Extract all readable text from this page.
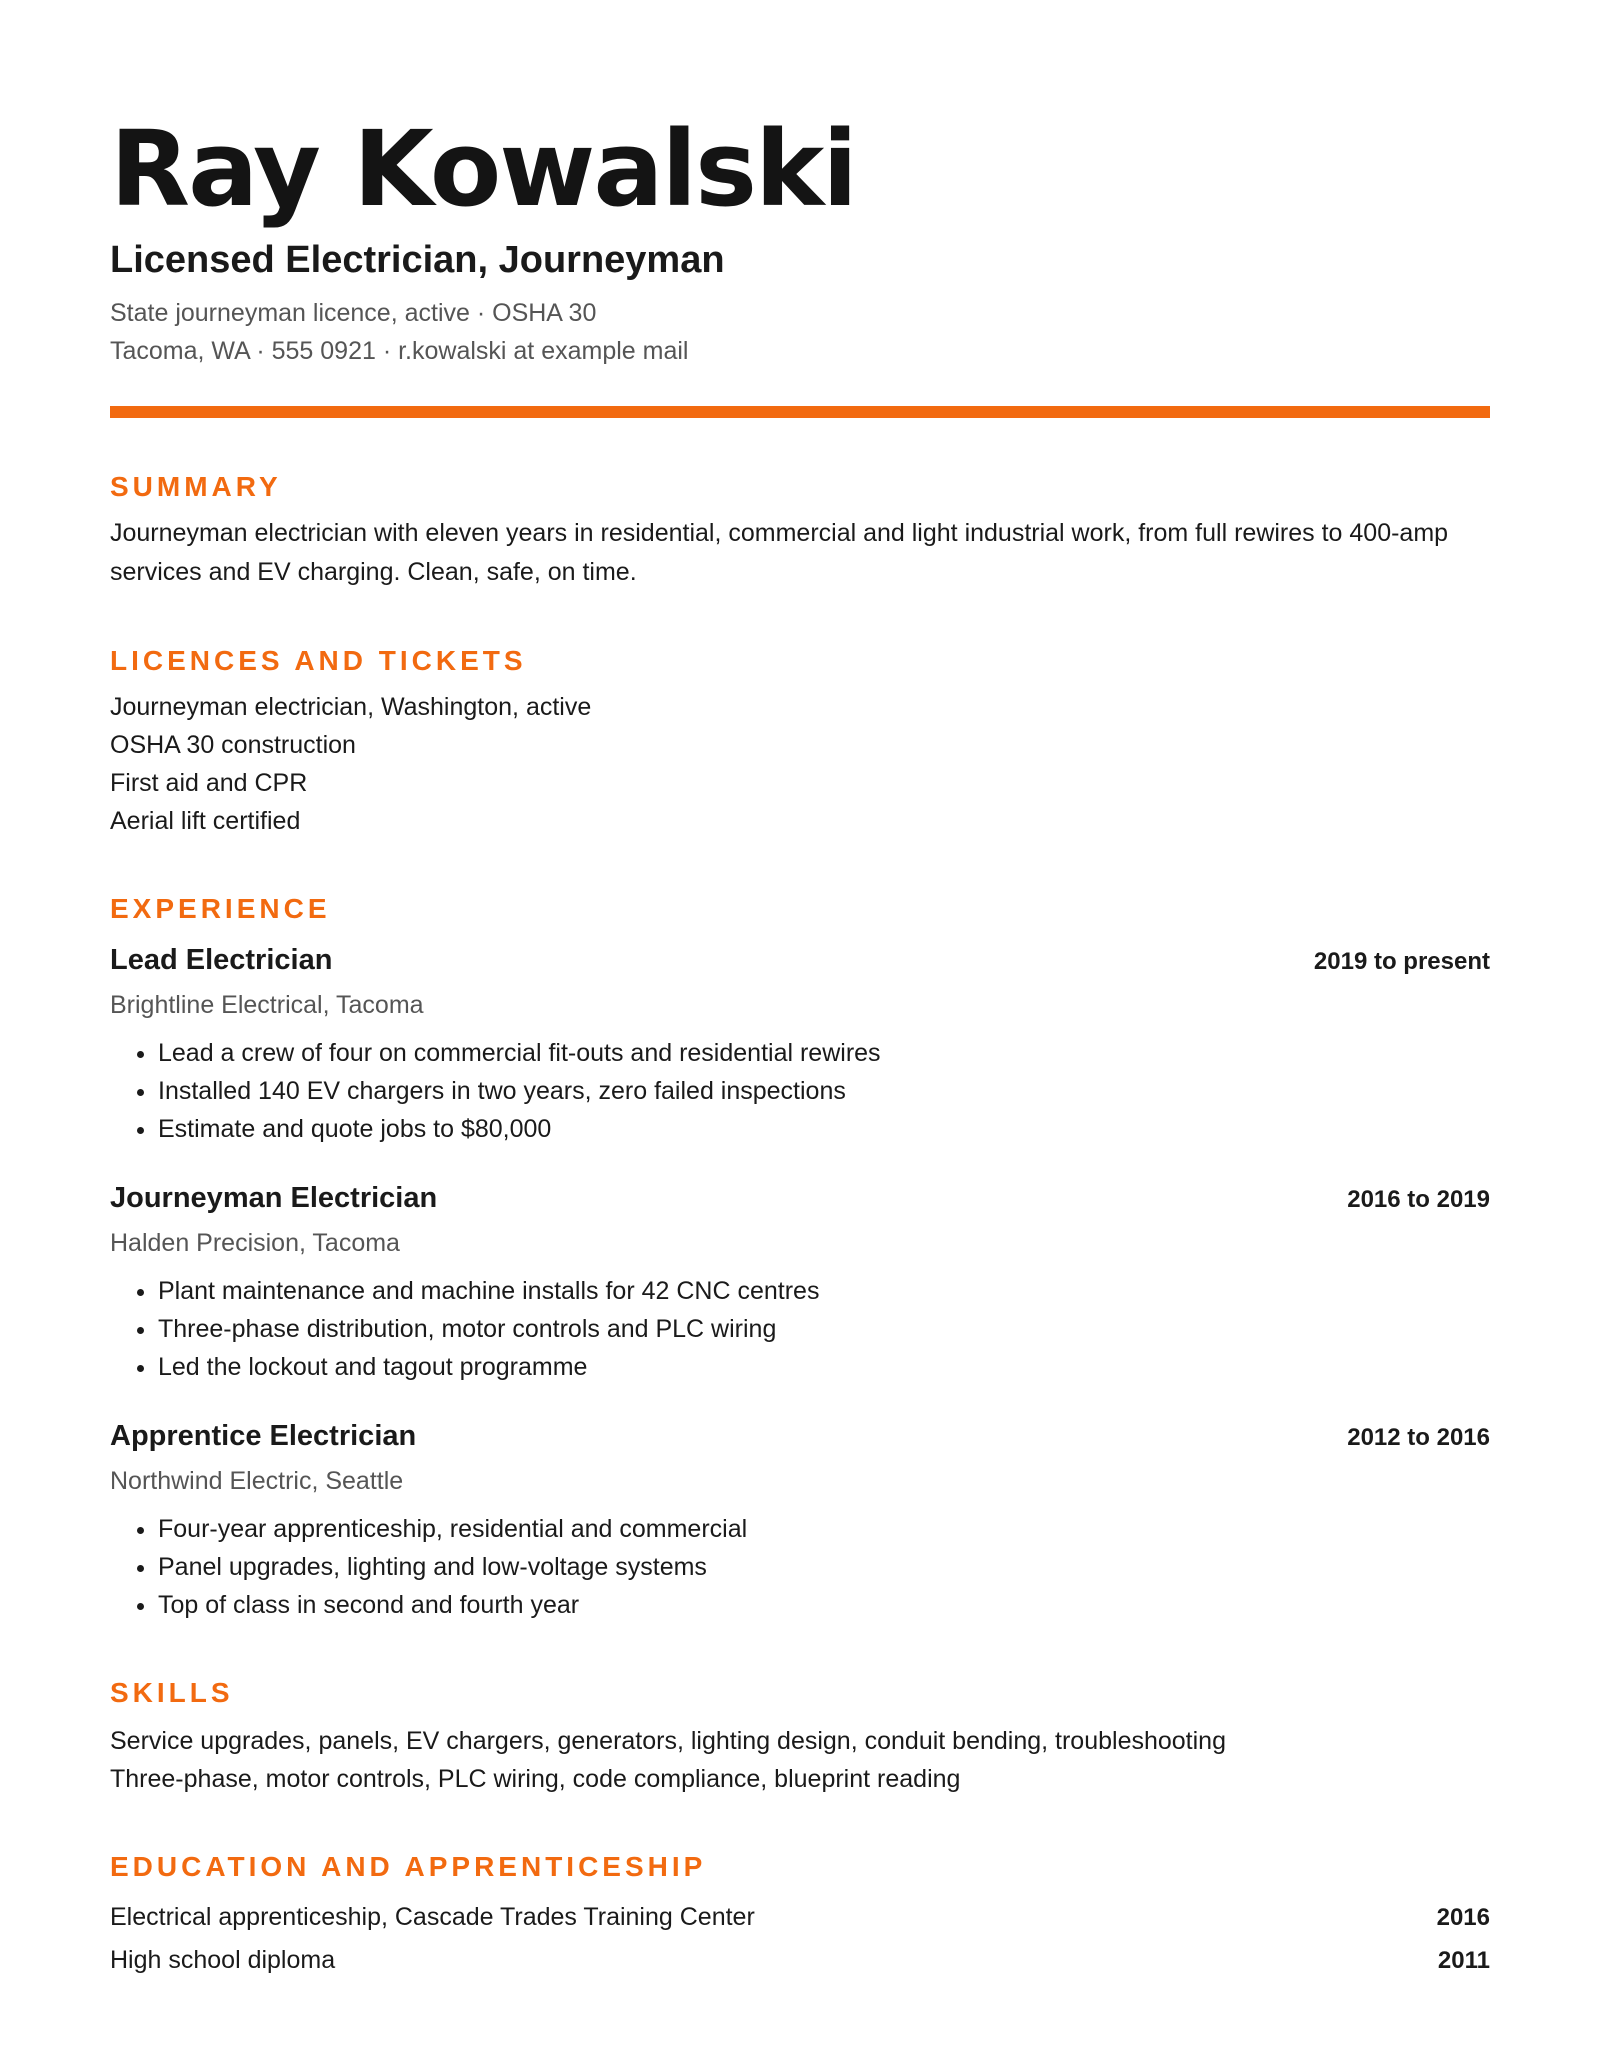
Ray Kowalski
Licensed Electrician, Journeyman

State journeyman licence, active · OSHA 30

Tacoma, WA · 555 0921 · r.kowalski at example mail

SUMMARY

Journeyman electrician with eleven years in residential, commercial and light industrial work, from full rewires to 400-amp services and EV charging. Clean, safe, on time.

LICENCES AND TICKETS
Journeyman electrician, Washington, active
OSHA 30 construction
First aid and CPR
Aerial lift certified
EXPERIENCE
Lead Electrician	2019 to present
Brightline Electrical, Tacoma
• Lead a crew of four on commercial fit-outs and residential rewires
• Installed 140 EV chargers in two years, zero failed inspections
• Estimate and quote jobs to $80,000
Journeyman Electrician	2016 to 2019
Halden Precision, Tacoma
• Plant maintenance and machine installs for 42 CNC centres
• Three-phase distribution, motor controls and PLC wiring
• Led the lockout and tagout programme
Apprentice Electrician	2012 to 2016
Northwind Electric, Seattle
• Four-year apprenticeship, residential and commercial
• Panel upgrades, lighting and low-voltage systems
• Top of class in second and fourth year
SKILLS

Service upgrades, panels, EV chargers, generators, lighting design, conduit bending, troubleshooting

Three-phase, motor controls, PLC wiring, code compliance, blueprint reading

EDUCATION AND APPRENTICESHIP
Electrical apprenticeship, Cascade Trades Training Center	2016
High school diploma	2011
